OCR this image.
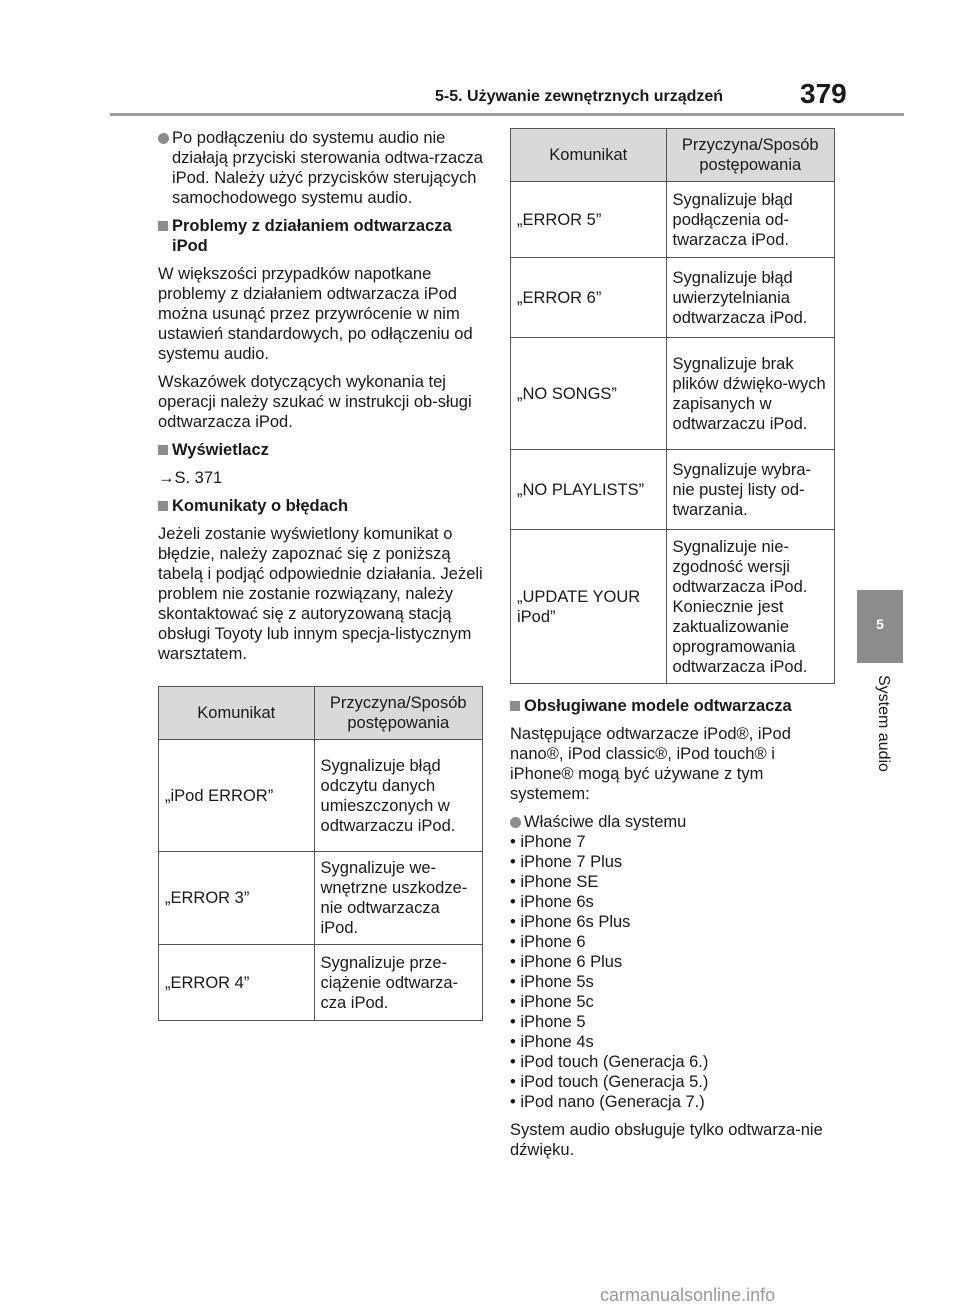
5-5. Używanie zewnętrznych urządzeń	379
5
System audio

Po podłączeniu do systemu audio nie działają przyciski sterowania odtwa-rzacza iPod. Należy użyć przycisków sterujących samochodowego systemu audio.

Problemy z działaniem odtwarzacza iPod

W większości przypadków napotkane problemy z działaniem odtwarzacza iPod można usunąć przez przywrócenie w nim ustawień standardowych, po odłączeniu od systemu audio.

Wskazówek dotyczących wykonania tej operacji należy szukać w instrukcji ob-sługi odtwarzacza iPod.

Wyświetlacz

→S. 371

Komunikaty o błędach

Jeżeli zostanie wyświetlony komunikat o błędzie, należy zapoznać się z poniższą tabelą i podjąć odpowiednie działania. Jeżeli problem nie zostanie rozwiązany, należy skontaktować się z autoryzowaną stacją obsługi Toyoty lub innym specja-listycznym warsztatem.

Komunikat	Przyczyna/Sposób postępowania
„iPod ERROR”	Sygnalizuje błąd odczytu danych umieszczonych w odtwarzaczu iPod.
„ERROR 3”	Sygnalizuje we-wnętrzne uszkodze-nie odtwarzacza iPod.
„ERROR 4”	Sygnalizuje prze-ciążenie odtwarza-cza iPod.
Komunikat	Przyczyna/Sposób postępowania
„ERROR 5”	Sygnalizuje błąd podłączenia od-twarzacza iPod.
„ERROR 6”	Sygnalizuje błąd uwierzytelniania odtwarzacza iPod.
„NO SONGS”	Sygnalizuje brak plików dźwięko-wych zapisanych w odtwarzaczu iPod.
„NO PLAYLISTS”	Sygnalizuje wybra-nie pustej listy od-twarzania.
„UPDATE YOUR iPod”	Sygnalizuje nie-zgodność wersji odtwarzacza iPod. Koniecznie jest zaktualizowanie oprogramowania odtwarzacza iPod.

Obsługiwane modele odtwarzacza

Następujące odtwarzacze iPod®, iPod nano®, iPod classic®, iPod touch® i iPhone® mogą być używane z tym systemem:

Właściwe dla systemu

• iPhone 7
• iPhone 7 Plus
• iPhone SE
• iPhone 6s
• iPhone 6s Plus
• iPhone 6
• iPhone 6 Plus
• iPhone 5s
• iPhone 5c
• iPhone 5
• iPhone 4s
• iPod touch (Generacja 6.)
• iPod touch (Generacja 5.)
• iPod nano (Generacja 7.)

System audio obsługuje tylko odtwarza-nie dźwięku.

carmanualsonline.info
